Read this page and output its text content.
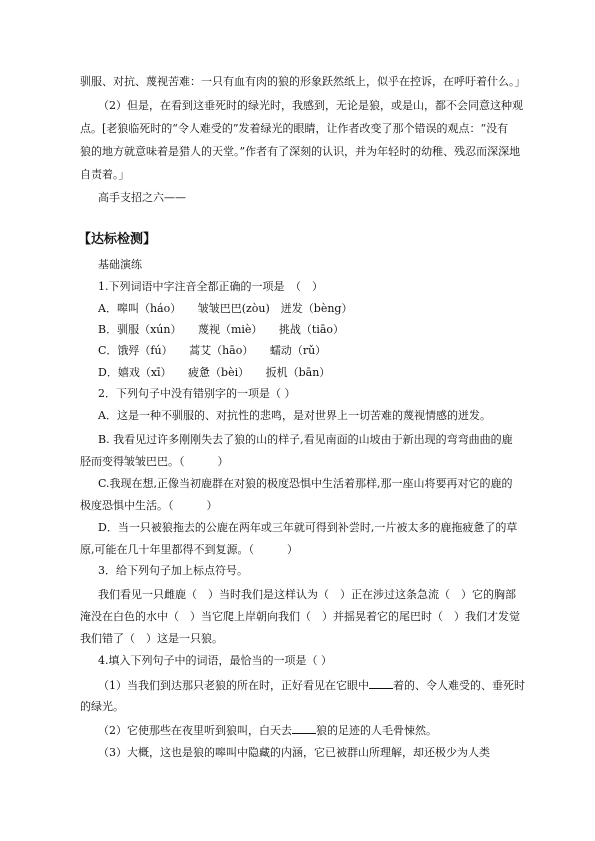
驯服、对抗、蔑视苦难：一只有血有肉的狼的形象跃然纸上，似乎在控诉，在呼吁着什么。」
（2）但是，在看到这垂死时的绿光时，我感到，无论是狼，或是山，都不会同意这种观
点。[老狼临死时的“令人难受的”发着绿光的眼睛，让作者改变了那个错误的观点：“没有
狼的地方就意味着是猎人的天堂。”作者有了深刻的认识，并为年轻时的幼稚、残忍而深深地
自责着。」
高手支招之六——
【达标检测】
基础演练
1.下列词语中字注音全都正确的一项是　（　）
A．嗥叫（háo）　　皱皱巴巴(zòu)　迸发（bèng）
B．驯服（xún）　　蔑视（miè）　　挑战（tiāo）
C．饿殍（fú）　　蒿艾（hāo）　　蠕动（rǔ）
D．嬉戏（xī）　　疲惫（bèi）　　扳机（bān）
2．下列句子中没有错别字的一项是（ ）
A．这是一种不驯服的、对抗性的悲鸣，是对世界上一切苦难的蔑视情感的迸发。
B. 我看见过许多刚刚失去了狼的山的样子,看见南面的山坡由于新出现的弯弯曲曲的鹿
胫而变得皱皱巴巴。（　　　）
C.我现在想,正像当初鹿群在对狼的极度恐惧中生活着那样,那一座山将要再对它的鹿的
极度恐惧中生活。（　　　）
D．当一只被狼拖去的公鹿在两年或三年就可得到补尝时,一片被太多的鹿拖疲惫了的草
原,可能在几十年里都得不到复源。（　　　）
3．给下列句子加上标点符号。
我们看见一只雌鹿（　）当时我们是这样认为（　）正在涉过这条急流（　）它的胸部
淹没在白色的水中（　）当它爬上岸朝向我们（　）并摇晃着它的尾巴时（　）我们才发觉
我们错了（　）这是一只狼。
4.填入下列句子中的词语，最恰当的一项是（ ）
（1）当我们到达那只老狼的所在时，正好看见在它眼中 着的、令人难受的、垂死时
的绿光。
（2）它使那些在夜里听到狼叫，白天去 狼的足迹的人毛骨悚然。
（3）大概，这也是狼的嗥叫中隐藏的内涵，它已被群山所理解，却还极少为人类
